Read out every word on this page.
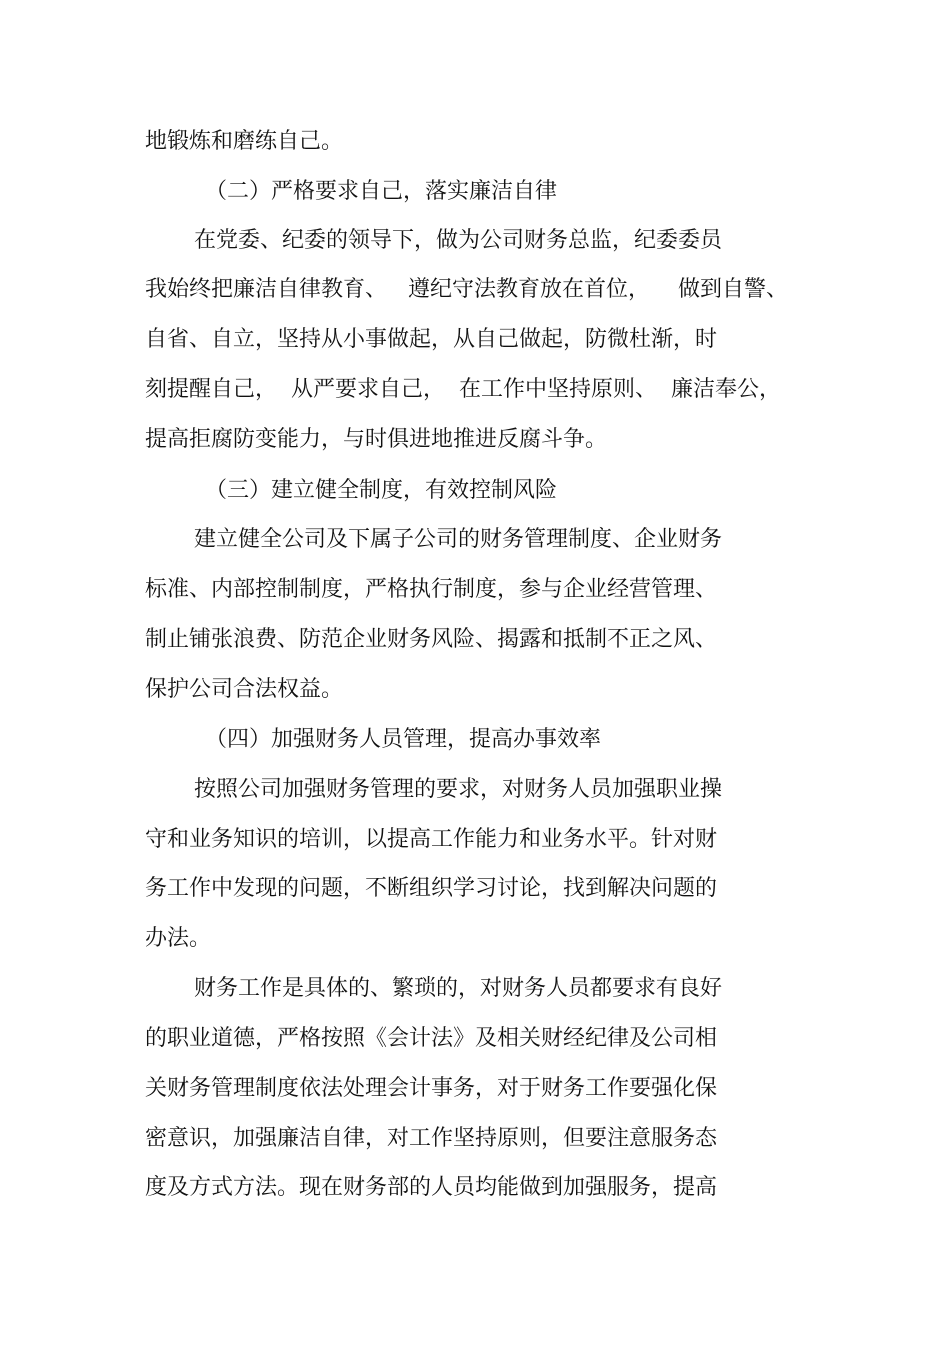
地锻炼和磨练自己。
（二）严格要求自己，落实廉洁自律
在党委、纪委的领导下，做为公司财务总监，纪委委员
我始终把廉洁自律教育、   遵纪守法教育放在首位，    做到自警、
自省、自立，坚持从小事做起，从自己做起，防微杜渐，时
刻提醒自己，  从严要求自己，  在工作中坚持原则、  廉洁奉公，
提高拒腐防变能力，与时俱进地推进反腐斗争。
（三）建立健全制度，有效控制风险
建立健全公司及下属子公司的财务管理制度、企业财务
标准、内部控制制度，严格执行制度，参与企业经营管理、
制止铺张浪费、防范企业财务风险、揭露和抵制不正之风、
保护公司合法权益。
（四）加强财务人员管理，提高办事效率
按照公司加强财务管理的要求，对财务人员加强职业操
守和业务知识的培训，以提高工作能力和业务水平。针对财
务工作中发现的问题，不断组织学习讨论，找到解决问题的
办法。
财务工作是具体的、繁琐的，对财务人员都要求有良好
的职业道德，严格按照《会计法》及相关财经纪律及公司相
关财务管理制度依法处理会计事务，对于财务工作要强化保
密意识，加强廉洁自律，对工作坚持原则，但要注意服务态
度及方式方法。现在财务部的人员均能做到加强服务，提高
